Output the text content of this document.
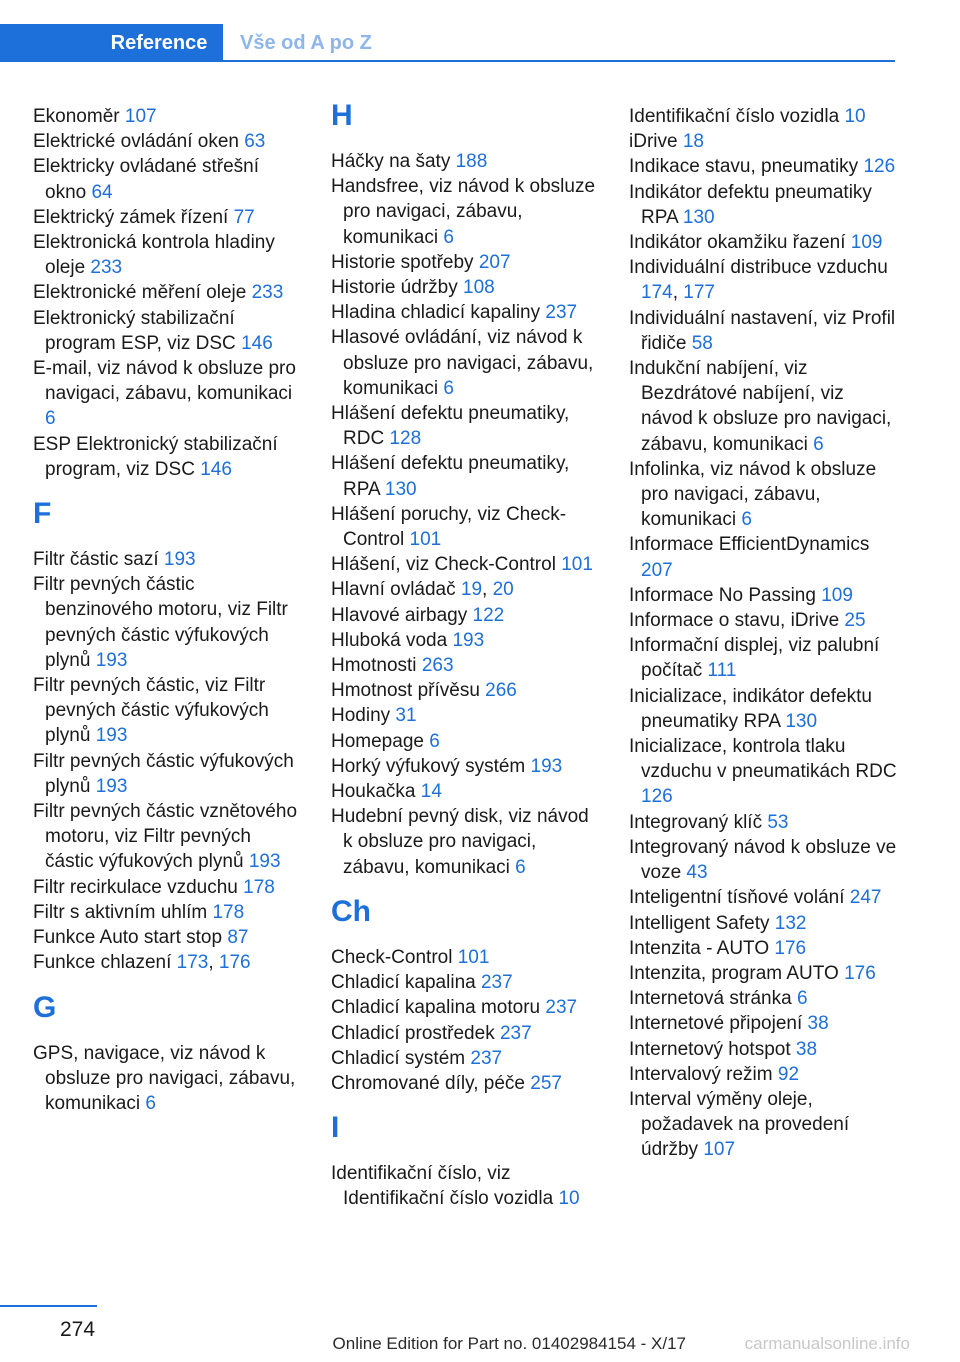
Reference	Vše od A po Z

Ekonoměr 107

Elektrické ovládání oken 63

Elektricky ovládané střešní okno 64

Elektrický zámek řízení 77

Elektronická kontrola hladiny oleje 233

Elektronické měření oleje 233

Elektronický stabilizační program ESP, viz DSC 146

E-mail, viz návod k obsluze pro navigaci, zábavu, komunikaci 6

ESP Elektronický stabilizační program, viz DSC 146

F

Filtr částic sazí 193

Filtr pevných částic benzinového motoru, viz Filtr pevných částic výfukových plynů 193

Filtr pevných částic, viz Filtr pevných částic výfukových plynů 193

Filtr pevných částic výfukových plynů 193

Filtr pevných částic vznětového motoru, viz Filtr pevných částic výfukových plynů 193

Filtr recirkulace vzduchu 178

Filtr s aktivním uhlím 178

Funkce Auto start stop 87

Funkce chlazení 173, 176

G

GPS, navigace, viz návod k obsluze pro navigaci, zábavu, komunikaci 6

H

Háčky na šaty 188

Handsfree, viz návod k obsluze pro navigaci, zábavu, komunikaci 6

Historie spotřeby 207

Historie údržby 108

Hladina chladicí kapaliny 237

Hlasové ovládání, viz návod k obsluze pro navigaci, zábavu, komunikaci 6

Hlášení defektu pneumatiky, RDC 128

Hlášení defektu pneumatiky, RPA 130

Hlášení poruchy, viz Check-Control 101

Hlášení, viz Check-Control 101

Hlavní ovládač 19, 20

Hlavové airbagy 122

Hluboká voda 193

Hmotnosti 263

Hmotnost přívěsu 266

Hodiny 31

Homepage 6

Horký výfukový systém 193

Houkačka 14

Hudební pevný disk, viz návod k obsluze pro navigaci, zábavu, komunikaci 6

Ch

Check-Control 101

Chladicí kapalina 237

Chladicí kapalina motoru 237

Chladicí prostředek 237

Chladicí systém 237

Chromované díly, péče 257

I

Identifikační číslo, viz Identifikační číslo vozidla 10

Identifikační číslo vozidla 10

iDrive 18

Indikace stavu, pneumatiky 126

Indikátor defektu pneumatiky RPA 130

Indikátor okamžiku řazení 109

Individuální distribuce vzduchu 174, 177

Individuální nastavení, viz Profil řidiče 58

Indukční nabíjení, viz Bezdrátové nabíjení, viz návod k obsluze pro navigaci, zábavu, komunikaci 6

Infolinka, viz návod k obsluze pro navigaci, zábavu, komunikaci 6

Informace EfficientDynamics 207

Informace No Passing 109

Informace o stavu, iDrive 25

Informační displej, viz palubní počítač 111

Inicializace, indikátor defektu pneumatiky RPA 130

Inicializace, kontrola tlaku vzduchu v pneumatikách RDC 126

Integrovaný klíč 53

Integrovaný návod k obsluze ve voze 43

Inteligentní tísňové volání 247

Intelligent Safety 132

Intenzita - AUTO 176

Intenzita, program AUTO 176

Internetová stránka 6

Internetové připojení 38

Internetový hotspot 38

Intervalový režim 92

Interval výměny oleje, požadavek na provedení údržby 107

274
Online Edition for Part no. 01402984154 - X/17	carmanualsonline.info
